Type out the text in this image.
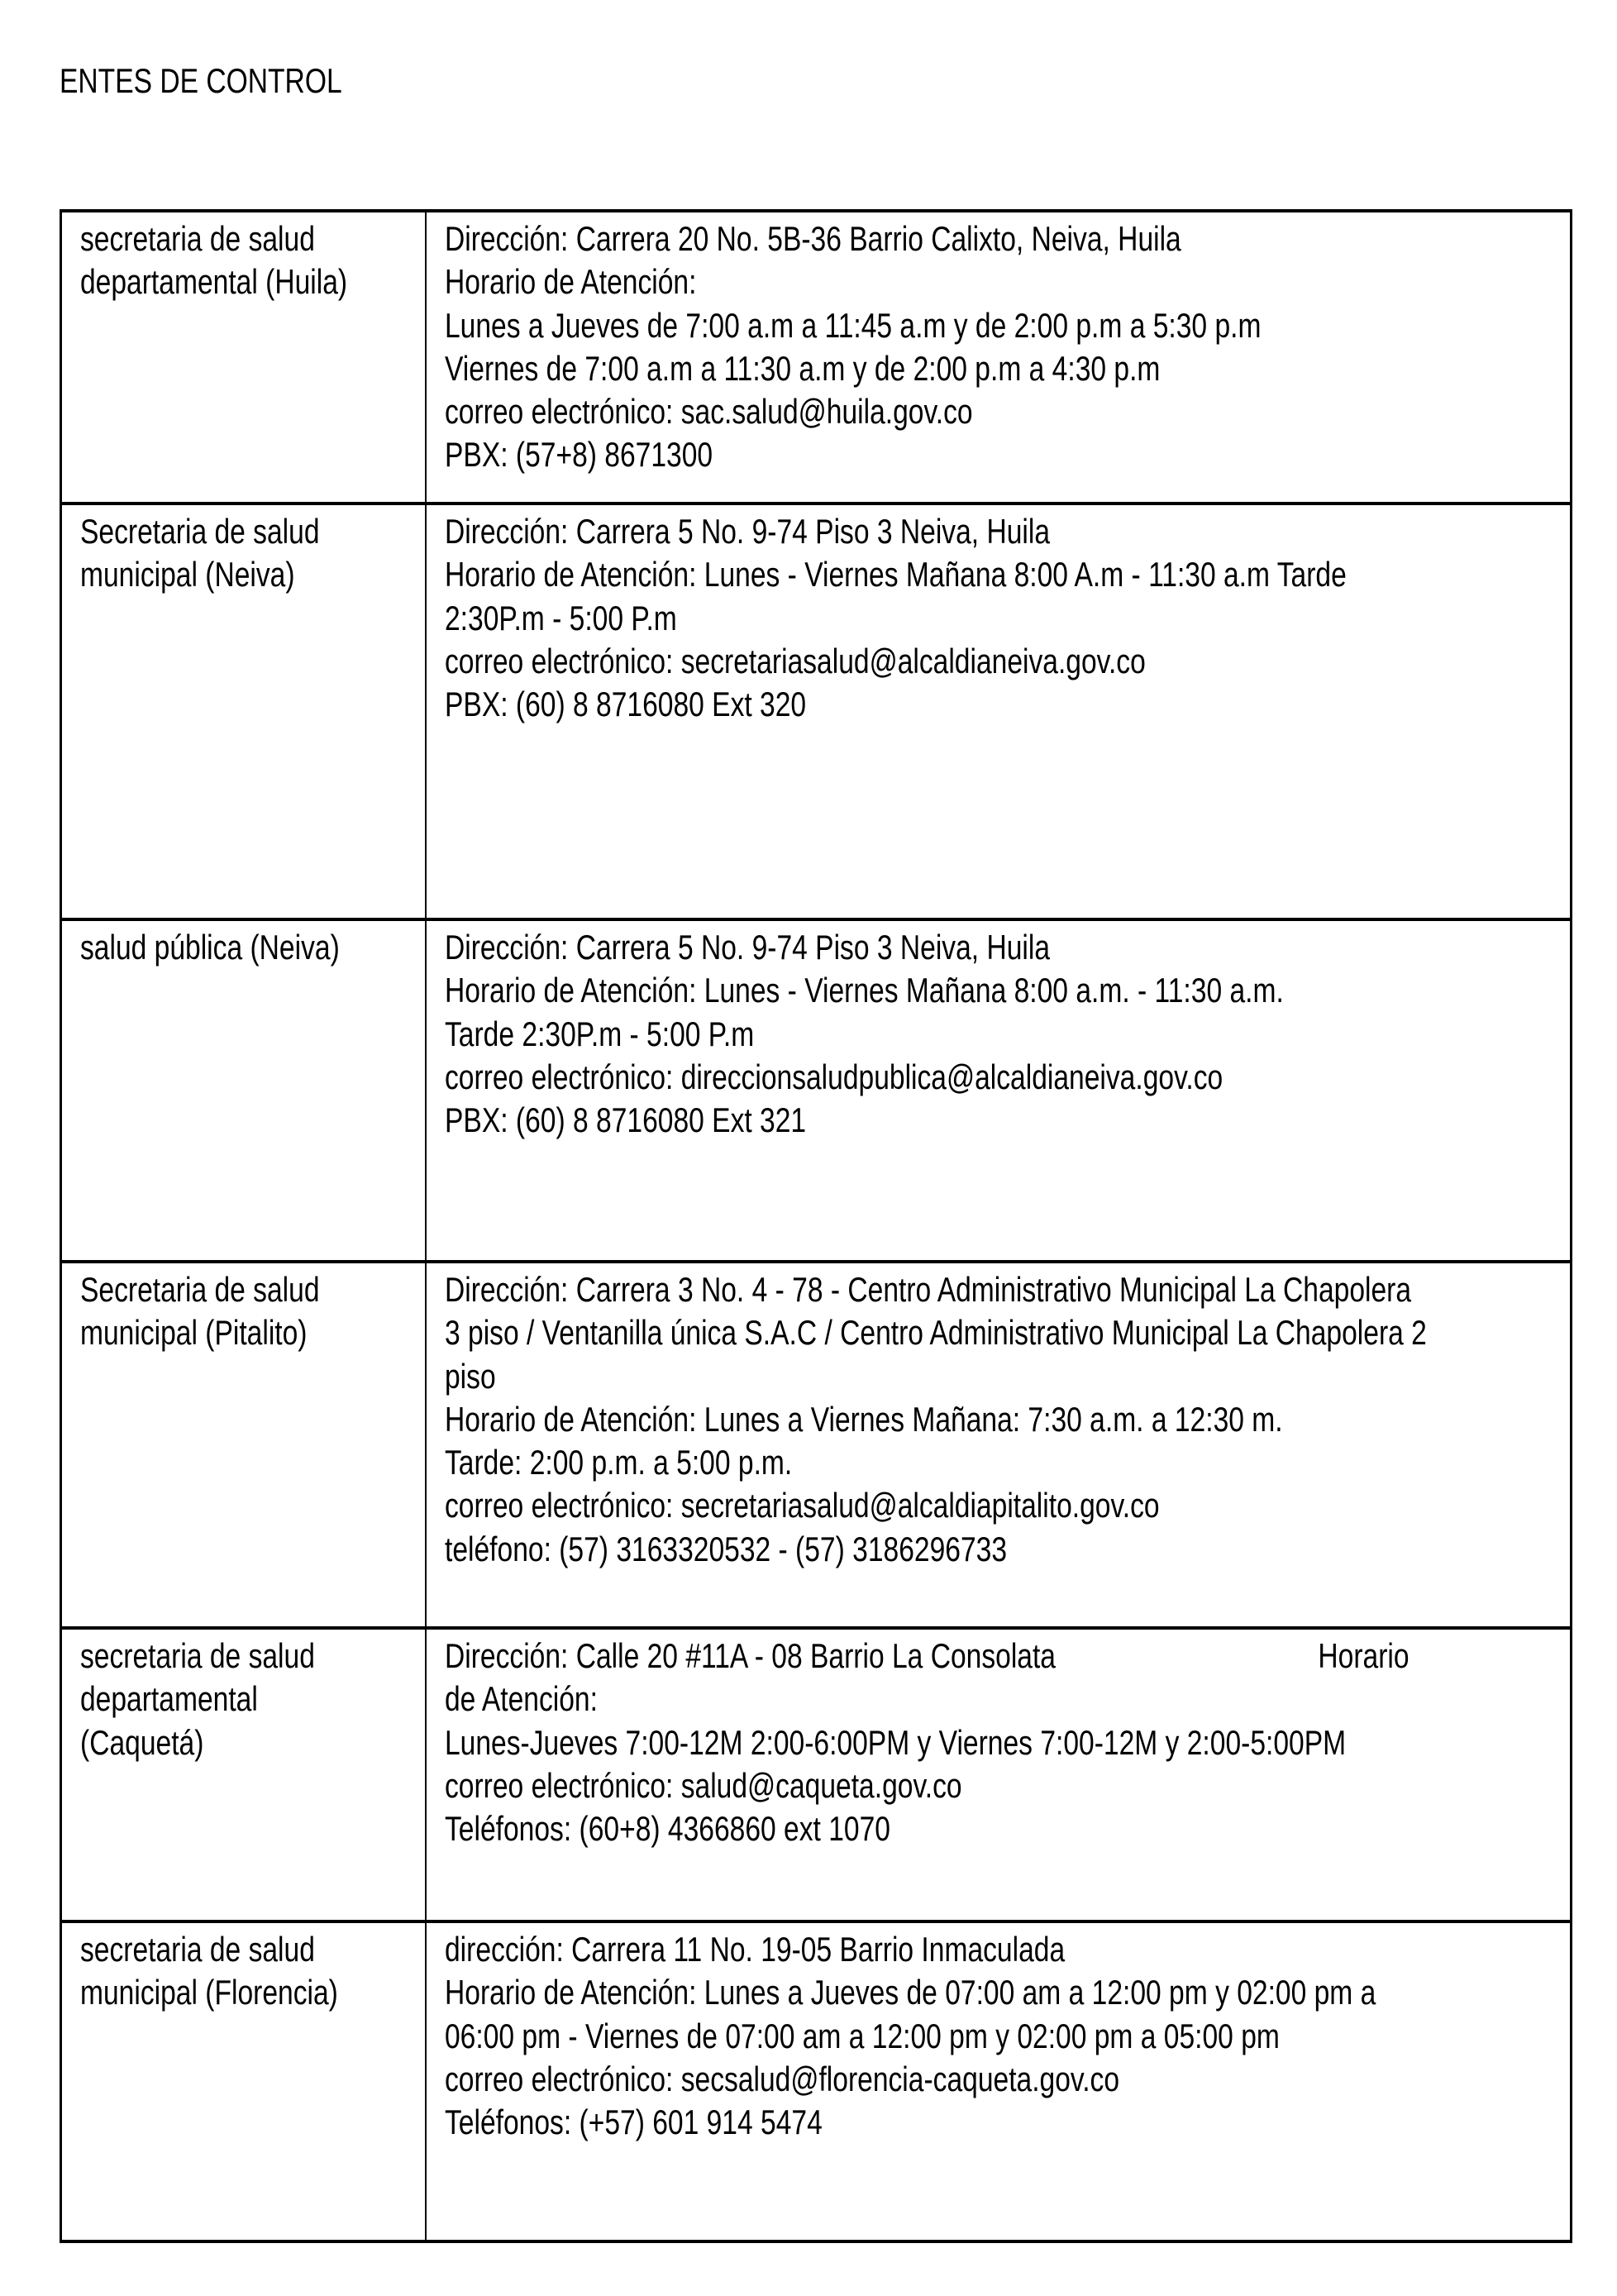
ENTES DE CONTROL
secretaria de salud
departamental (Huila)
Dirección: Carrera 20 No. 5B-36 Barrio Calixto, Neiva, Huila
Horario de Atención:
Lunes a Jueves de 7:00 a.m a 11:45 a.m y de 2:00 p.m a 5:30 p.m
Viernes de 7:00 a.m a 11:30 a.m y de 2:00 p.m a 4:30 p.m
correo electrónico: sac.salud@huila.gov.co
PBX: (57+8) 8671300
Secretaria de salud
municipal (Neiva)
Dirección: Carrera 5 No. 9-74 Piso 3 Neiva, Huila
Horario de Atención: Lunes - Viernes Mañana 8:00 A.m - 11:30 a.m Tarde
2:30P.m - 5:00 P.m
correo electrónico: secretariasalud@alcaldianeiva.gov.co
PBX: (60) 8 8716080 Ext 320
salud pública (Neiva)	Dirección: Carrera 5 No. 9-74 Piso 3 Neiva, Huila
Horario de Atención: Lunes - Viernes Mañana 8:00 a.m. - 11:30 a.m.
Tarde 2:30P.m - 5:00 P.m
correo electrónico: direccionsaludpublica@alcaldianeiva.gov.co
PBX: (60) 8 8716080 Ext 321
Secretaria de salud
municipal (Pitalito)
Dirección: Carrera 3 No. 4 - 78 - Centro Administrativo Municipal La Chapolera
3 piso / Ventanilla única S.A.C / Centro Administrativo Municipal La Chapolera 2
piso
Horario de Atención: Lunes a Viernes Mañana: 7:30 a.m. a 12:30 m.
Tarde: 2:00 p.m. a 5:00 p.m.
correo electrónico: secretariasalud@alcaldiapitalito.gov.co
teléfono: (57) 3163320532 - (57) 3186296733
secretaria de salud
departamental
(Caquetá)
Dirección: Calle 20 #11A - 08 Barrio La Consolata                                  Horario
de Atención:
Lunes-Jueves 7:00-12M 2:00-6:00PM y Viernes 7:00-12M y 2:00-5:00PM
correo electrónico: salud@caqueta.gov.co
Teléfonos: (60+8) 4366860 ext 1070
secretaria de salud
municipal (Florencia)
dirección: Carrera 11 No. 19-05 Barrio Inmaculada
Horario de Atención: Lunes a Jueves de 07:00 am a 12:00 pm y 02:00 pm a
06:00 pm - Viernes de 07:00 am a 12:00 pm y 02:00 pm a 05:00 pm
correo electrónico: secsalud@florencia-caqueta.gov.co
Teléfonos: (+57) 601 914 5474
